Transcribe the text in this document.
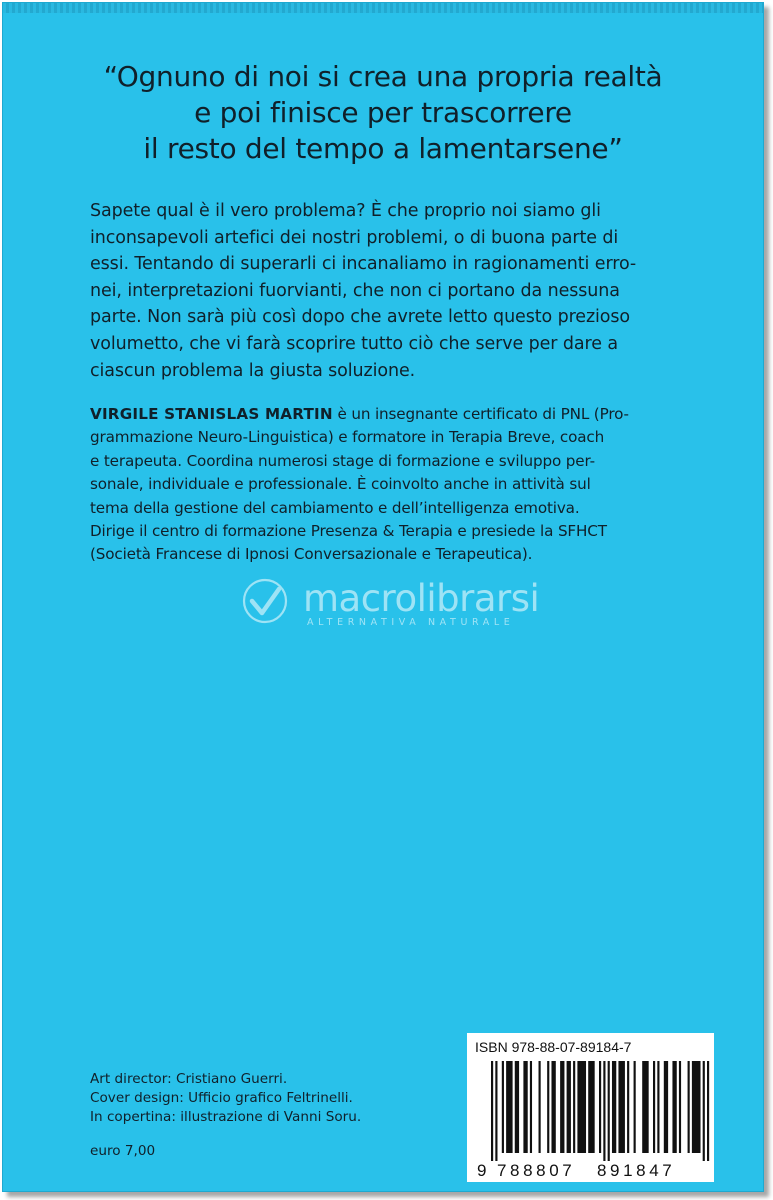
“Ognuno di noi si crea una propria realtà
e poi finisce per trascorrere
il resto del tempo a lamentarsene”
Sapete qual è il vero problema? È che proprio noi siamo gli
inconsapevoli artefici dei nostri problemi, o di buona parte di
essi. Tentando di superarli ci incanaliamo in ragionamenti erro-
nei, interpretazioni fuorvianti, che non ci portano da nessuna
parte. Non sarà più così dopo che avrete letto questo prezioso
volumetto, che vi farà scoprire tutto ciò che serve per dare a
ciascun problema la giusta soluzione.
VIRGILE STANISLAS MARTIN è un insegnante certificato di PNL (Pro-
grammazione Neuro-Linguistica) e formatore in Terapia Breve, coach
e terapeuta. Coordina numerosi stage di formazione e sviluppo per-
sonale, individuale e professionale. È coinvolto anche in attività sul
tema della gestione del cambiamento e dell’intelligenza emotiva.
Dirige il centro di formazione Presenza & Terapia e presiede la SFHCT
(Società Francese di Ipnosi Conversazionale e Terapeutica).
macrolibrarsi
ALTERNATIVA NATURALE
Art director: Cristiano Guerri.
Cover design: Ufficio grafico Feltrinelli.
In copertina: illustrazione di Vanni Soru.
euro 7,00
ISBN 978-88-07-89184-7
9 788807 891847
